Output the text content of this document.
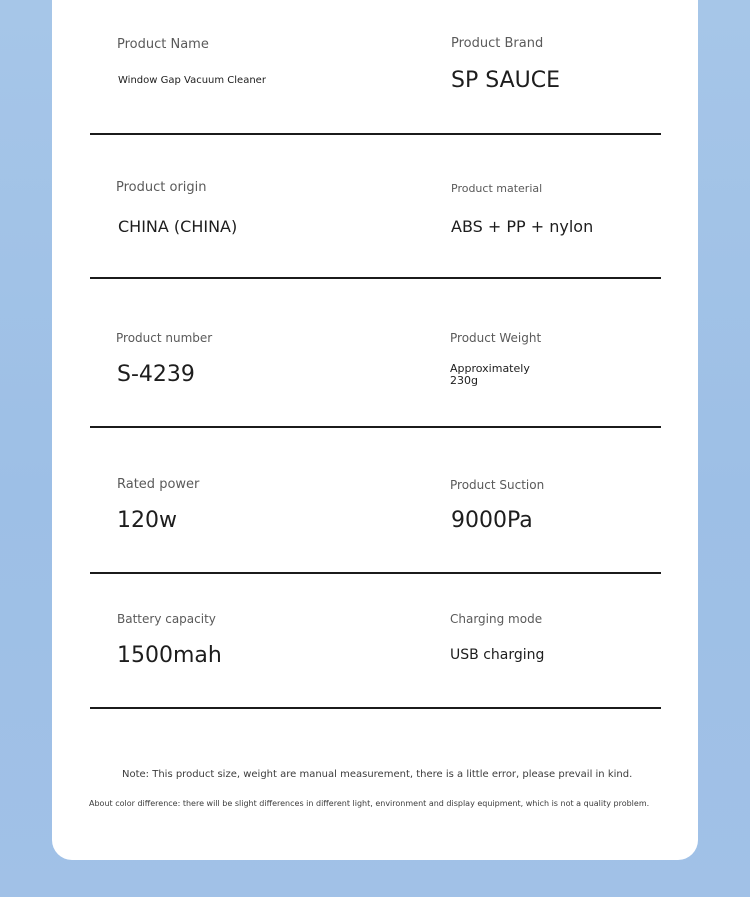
Product Name
Window Gap Vacuum Cleaner
Product Brand
SP SAUCE
Product origin
CHINA (CHINA)
Product material
ABS + PP + nylon
Product number
S-4239
Product Weight
Approximately
230g
Rated power
120w
Product Suction
9000Pa
Battery capacity
1500mah
Charging mode
USB charging
Note: This product size, weight are manual measurement, there is a little error, please prevail in kind.
About color difference: there will be slight differences in different light, environment and display equipment, which is not a quality problem.
